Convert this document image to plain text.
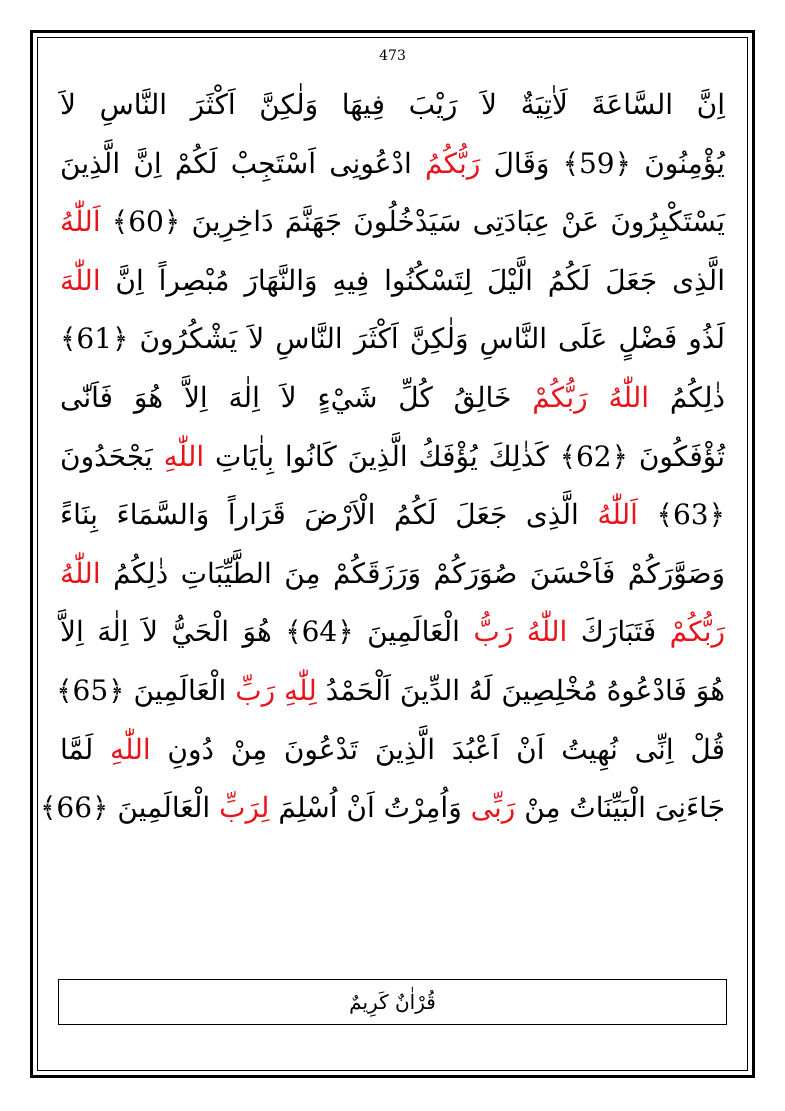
473
اِنَّ السَّاعَةَ لَاٰتِيَةٌ لاَ رَيْبَ فِيهَا وَلٰكِنَّ اَكْثَرَ النَّاسِ لاَ
يُؤْمِنُونَ ﴿59﴾ وَقَالَ رَبُّكُمُ ادْعُونِى اَسْتَجِبْ لَكُمْ اِنَّ الَّذِينَ
يَسْتَكْبِرُونَ عَنْ عِبَادَتِى سَيَدْخُلُونَ جَهَنَّمَ دَاخِرِينَ ﴿60﴾ اَللّٰهُ
الَّذِى جَعَلَ لَكُمُ الَّيْلَ لِتَسْكُنُوا فِيهِ وَالنَّهَارَ مُبْصِراً اِنَّ اللّٰهَ
لَذُو فَضْلٍ عَلَى النَّاسِ وَلٰكِنَّ اَكْثَرَ النَّاسِ لاَ يَشْكُرُونَ ﴿61﴾
ذٰلِكُمُ اللّٰهُ رَبُّكُمْ خَالِقُ كُلِّ شَيْءٍ لاَ اِلٰهَ اِلاَّ هُوَ فَاَنّٰى
تُؤْفَكُونَ ﴿62﴾ كَذٰلِكَ يُؤْفَكُ الَّذِينَ كَانُوا بِاٰيَاتِ اللّٰهِ يَجْحَدُونَ
﴿63﴾ اَللّٰهُ الَّذِى جَعَلَ لَكُمُ الْاَرْضَ قَرَاراً وَالسَّمَاءَ بِنَاءً
وَصَوَّرَكُمْ فَاَحْسَنَ صُوَرَكُمْ وَرَزَقَكُمْ مِنَ الطَّيِّبَاتِ ذٰلِكُمُ اللّٰهُ
رَبُّكُمْ فَتَبَارَكَ اللّٰهُ رَبُّ الْعَالَمِينَ ﴿64﴾ هُوَ الْحَيُّ لاَ اِلٰهَ اِلاَّ
هُوَ فَادْعُوهُ مُخْلِصِينَ لَهُ الدِّينَ اَلْحَمْدُ لِلّٰهِ رَبِّ الْعَالَمِينَ ﴿65﴾
قُلْ اِنِّى نُهِيتُ اَنْ اَعْبُدَ الَّذِينَ تَدْعُونَ مِنْ دُونِ اللّٰهِ لَمَّا
جَاءَنِىَ الْبَيِّنَاتُ مِنْ رَبِّى وَاُمِرْتُ اَنْ اُسْلِمَ لِرَبِّ الْعَالَمِينَ ﴿66﴾
قُرْاٰنٌ كَرِيمٌ
